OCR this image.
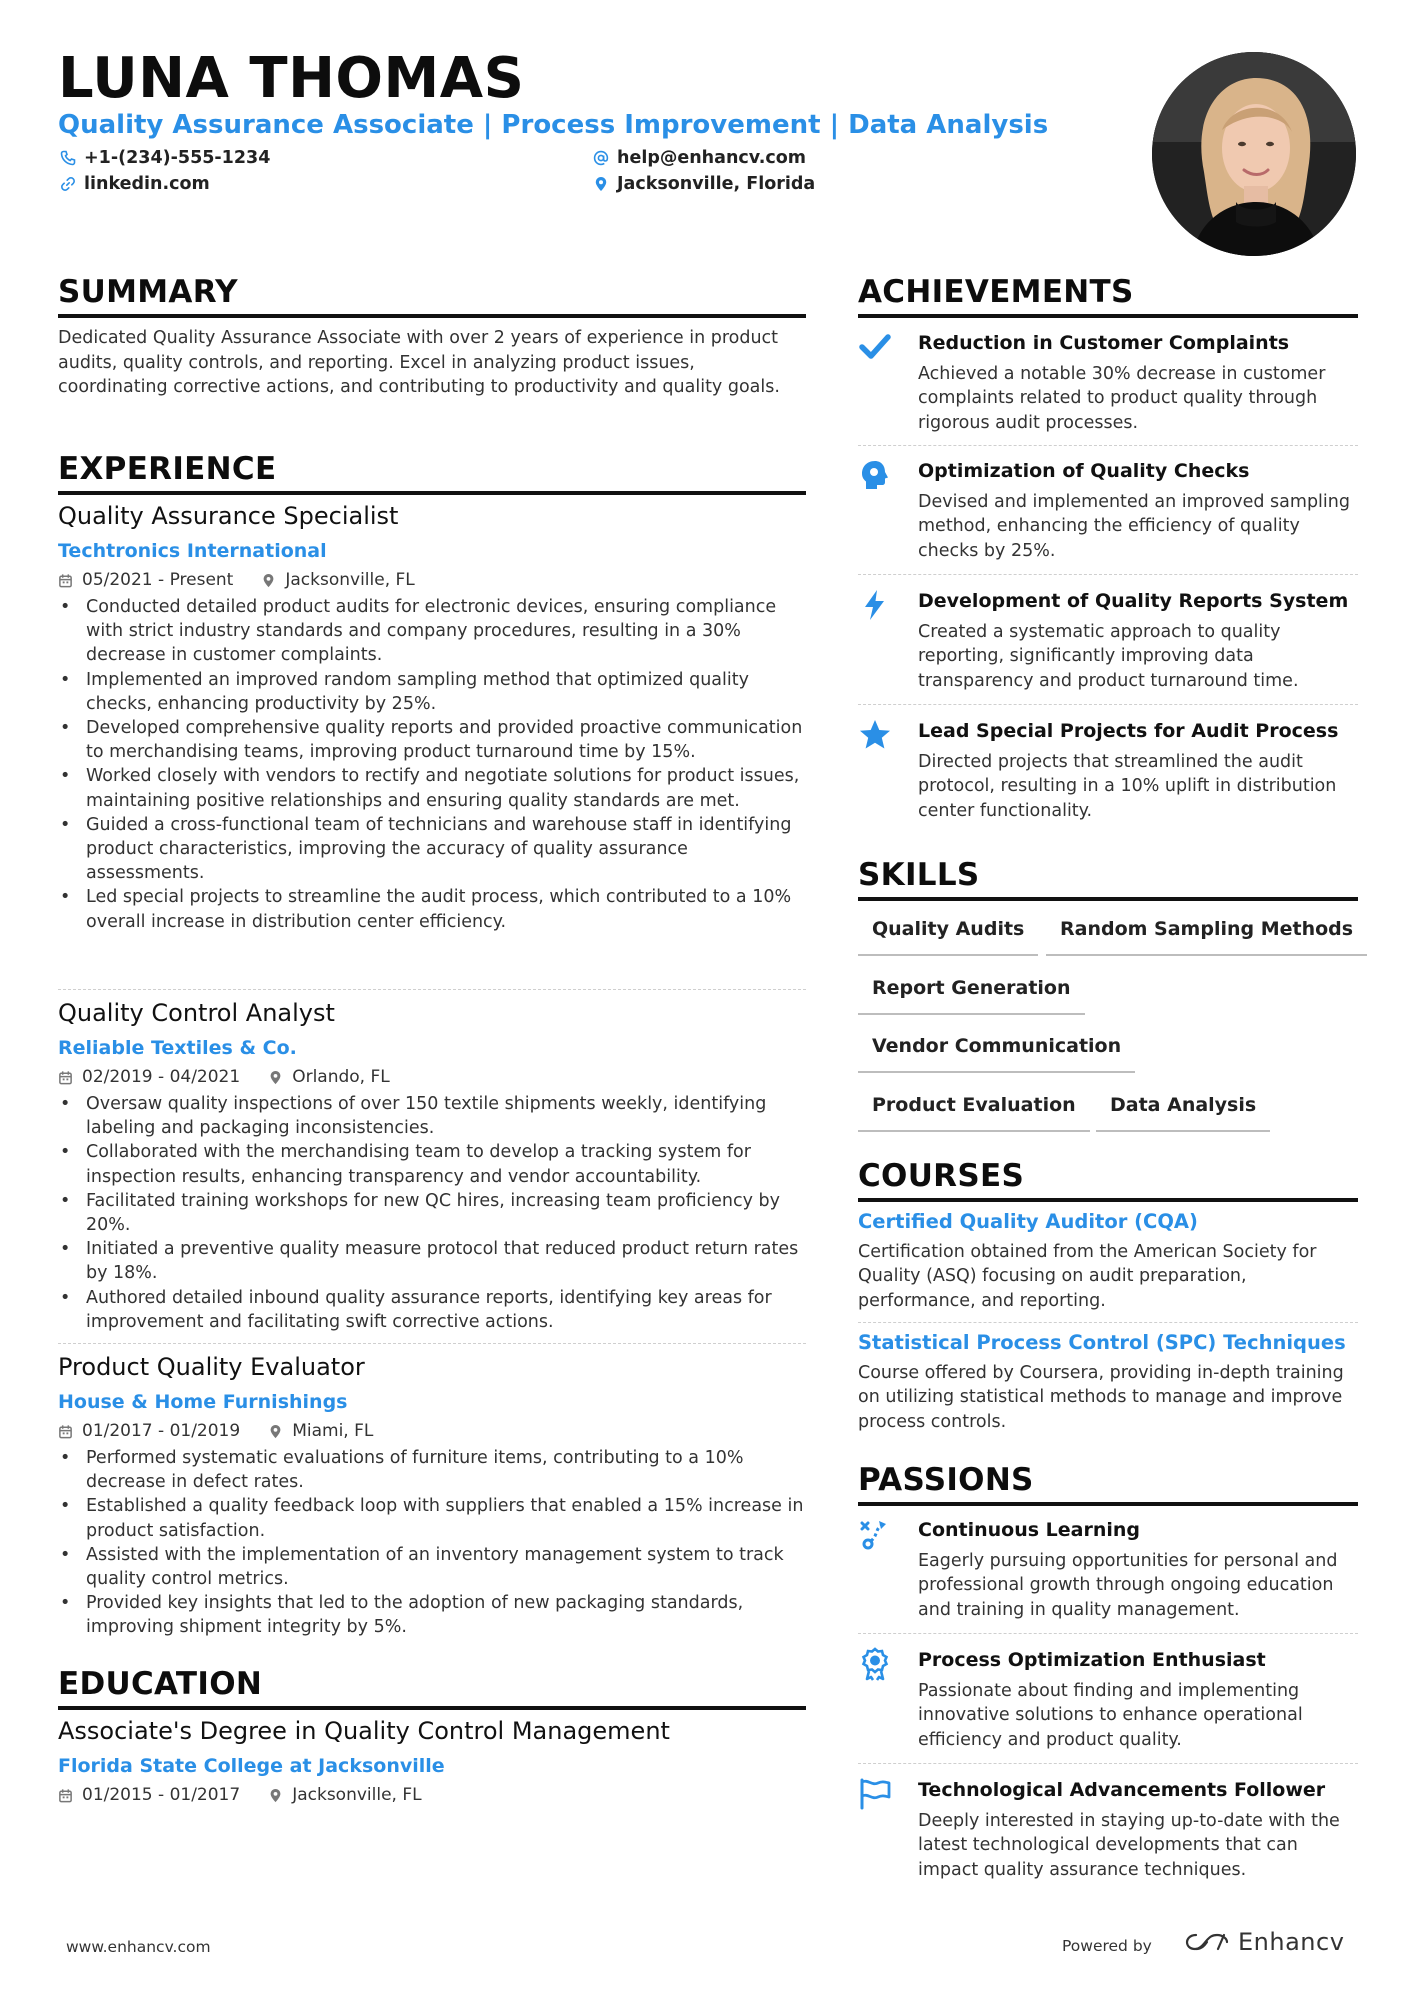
LUNA THOMAS
Quality Assurance Associate | Process Improvement | Data Analysis
+1-(234)-555-1234	help@enhancv.com
linkedin.com	Jacksonville, Florida
SUMMARY
Dedicated Quality Assurance Associate with over 2 years of experience in product audits, quality controls, and reporting. Excel in analyzing product issues, coordinating corrective actions, and contributing to productivity and quality goals.
EXPERIENCE
Quality Assurance Specialist
Techtronics International
05/2021 - Present	Jacksonville, FL
• Conducted detailed product audits for electronic devices, ensuring compliance with strict industry standards and company procedures, resulting in a 30% decrease in customer complaints.
• Implemented an improved random sampling method that optimized quality checks, enhancing productivity by 25%.
• Developed comprehensive quality reports and provided proactive communication to merchandising teams, improving product turnaround time by 15%.
• Worked closely with vendors to rectify and negotiate solutions for product issues, maintaining positive relationships and ensuring quality standards are met.
• Guided a cross-functional team of technicians and warehouse staff in identifying product characteristics, improving the accuracy of quality assurance assessments.
• Led special projects to streamline the audit process, which contributed to a 10% overall increase in distribution center efficiency.
Quality Control Analyst
Reliable Textiles & Co.
02/2019 - 04/2021	Orlando, FL
• Oversaw quality inspections of over 150 textile shipments weekly, identifying labeling and packaging inconsistencies.
• Collaborated with the merchandising team to develop a tracking system for inspection results, enhancing transparency and vendor accountability.
• Facilitated training workshops for new QC hires, increasing team proficiency by 20%.
• Initiated a preventive quality measure protocol that reduced product return rates by 18%.
• Authored detailed inbound quality assurance reports, identifying key areas for improvement and facilitating swift corrective actions.
Product Quality Evaluator
House & Home Furnishings
01/2017 - 01/2019	Miami, FL
• Performed systematic evaluations of furniture items, contributing to a 10% decrease in defect rates.
• Established a quality feedback loop with suppliers that enabled a 15% increase in product satisfaction.
• Assisted with the implementation of an inventory management system to track quality control metrics.
• Provided key insights that led to the adoption of new packaging standards, improving shipment integrity by 5%.
EDUCATION
Associate's Degree in Quality Control Management
Florida State College at Jacksonville
01/2015 - 01/2017	Jacksonville, FL
ACHIEVEMENTS
Reduction in Customer Complaints
Achieved a notable 30% decrease in customer complaints related to product quality through rigorous audit processes.
Optimization of Quality Checks
Devised and implemented an improved sampling method, enhancing the efficiency of quality checks by 25%.
Development of Quality Reports System
Created a systematic approach to quality reporting, significantly improving data transparency and product turnaround time.
Lead Special Projects for Audit Process
Directed projects that streamlined the audit protocol, resulting in a 10% uplift in distribution center functionality.
SKILLS
Quality Audits	Random Sampling Methods
Report Generation
Vendor Communication
Product Evaluation	Data Analysis
COURSES
Certified Quality Auditor (CQA)
Certification obtained from the American Society for Quality (ASQ) focusing on audit preparation, performance, and reporting.
Statistical Process Control (SPC) Techniques
Course offered by Coursera, providing in-depth training on utilizing statistical methods to manage and improve process controls.
PASSIONS
Continuous Learning
Eagerly pursuing opportunities for personal and professional growth through ongoing education and training in quality management.
Process Optimization Enthusiast
Passionate about finding and implementing innovative solutions to enhance operational efficiency and product quality.
Technological Advancements Follower
Deeply interested in staying up-to-date with the latest technological developments that can impact quality assurance techniques.
www.enhancv.com	Powered by	Enhancv
